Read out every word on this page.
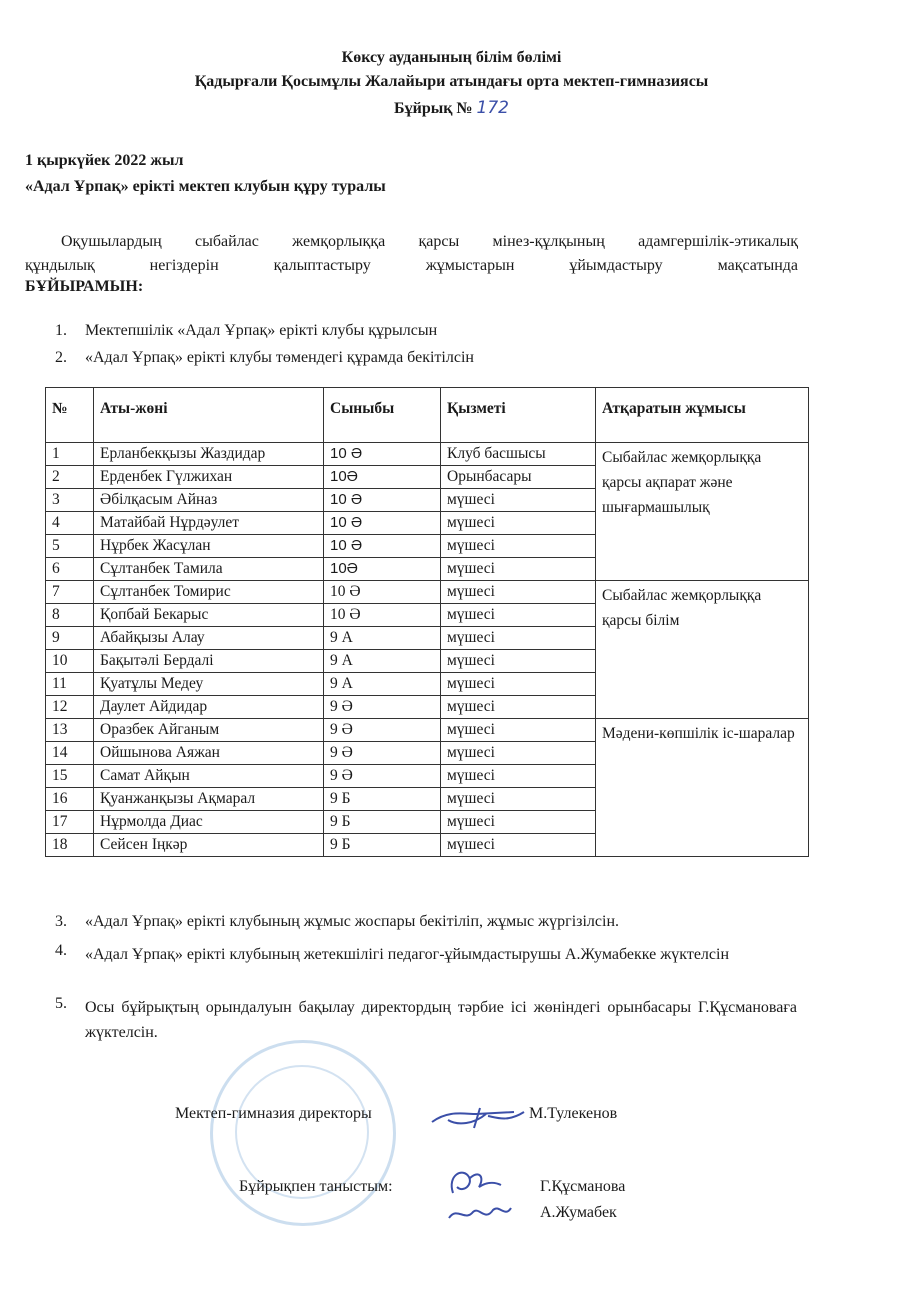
Көксу ауданының білім бөлімі
Қадырғали Қосымұлы Жалайыри атындағы орта мектеп-гимназиясы
Бұйрық № 172
1 қыркүйек 2022 жыл
«Адал Ұрпақ» ерікті мектеп клубын құру туралы
Оқушылардың сыбайлас жемқорлыққа қарсы мінез-құлқының адамгершілік-этикалық
құндылық негіздерін қалыптастыру жұмыстарын ұйымдастыру мақсатында
БҰЙЫРАМЫН:
1. Мектепшілік «Адал Ұрпақ» ерікті клубы құрылсын
2. «Адал Ұрпақ» ерікті клубы төмендегі құрамда бекітілсін
№	Аты-жөні	Сыныбы	Қызметі	Атқаратын жұмысы
1	Ерланбекқызы Жаздидар	10 Ә	Клуб басшысы	Сыбайлас жемқорлыққа қарсы ақпарат және шығармашылық
2	Ерденбек Гүлжихан	10Ә	Орынбасары	
3	Әбілқасым Айназ	10 Ә	мүшесі	
4	Матайбай Нұрдәулет	10 Ә	мүшесі	
5	Нұрбек Жасұлан	10 Ә	мүшесі	
6	Сұлтанбек Тамила	10Ә	мүшесі	
7	Сұлтанбек Томирис	10 Ә	мүшесі	Сыбайлас жемқорлыққа қарсы білім
8	Қопбай Бекарыс	10 Ә	мүшесі	
9	Абайқызы Алау	9 А	мүшесі	
10	Бақытәлі Бердалі	9 А	мүшесі	
11	Қуатұлы Медеу	9 А	мүшесі	
12	Даулет Айдидар	9 Ә	мүшесі	
13	Оразбек Айганым	9 Ә	мүшесі	Мәдени-көпшілік іс-шаралар
14	Ойшынова Аяжан	9 Ә	мүшесі	
15	Самат Айқын	9 Ә	мүшесі	
16	Қуанжанқызы Ақмарал	9 Б	мүшесі	
17	Нұрмолда Диас	9 Б	мүшесі	
18	Сейсен Іңкәр	9 Б	мүшесі	
3. «Адал Ұрпақ» ерікті клубының жұмыс жоспары бекітіліп, жұмыс жүргізілсін.
4. «Адал Ұрпақ» ерікті клубының жетекшілігі педагог-ұйымдастырушы А.Жумабекке жүктелсін
5. Осы бұйрықтың орындалуын бақылау директордың тәрбие ісі жөніндегі орынбасары Г.Құсмановаға жүктелсін.
Мектеп-гимназия директоры	М.Тулекенов
Бұйрықпен таныстым:	Г.Құсманова
А.Жумабек
